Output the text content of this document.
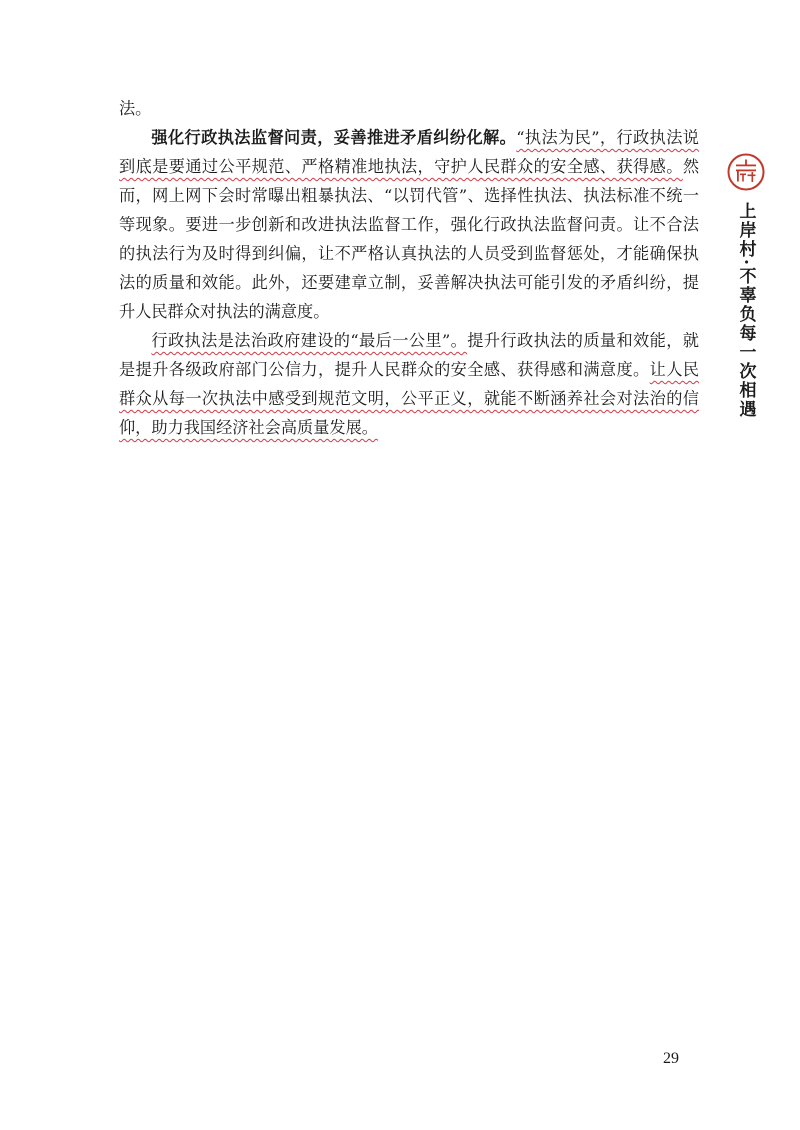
法。

强化行政执法监督问责，妥善推进矛盾纠纷化解。“执法为民”，行政执法说到底是要通过公平规范、严格精准地执法，守护人民群众的安全感、获得感。然而，网上网下会时常曝出粗暴执法、“以罚代管”、选择性执法、执法标准不统一等现象。要进一步创新和改进执法监督工作，强化行政执法监督问责。让不合法的执法行为及时得到纠偏，让不严格认真执法的人员受到监督惩处，才能确保执法的质量和效能。此外，还要建章立制，妥善解决执法可能引发的矛盾纠纷，提升人民群众对执法的满意度。

行政执法是法治政府建设的“最后一公里”。提升行政执法的质量和效能，就是提升各级政府部门公信力，提升人民群众的安全感、获得感和满意度。让人民群众从每一次执法中感受到规范文明，公平正义，就能不断涵养社会对法治的信仰，助力我国经济社会高质量发展。

上岸村·不辜负每一次相遇
29
